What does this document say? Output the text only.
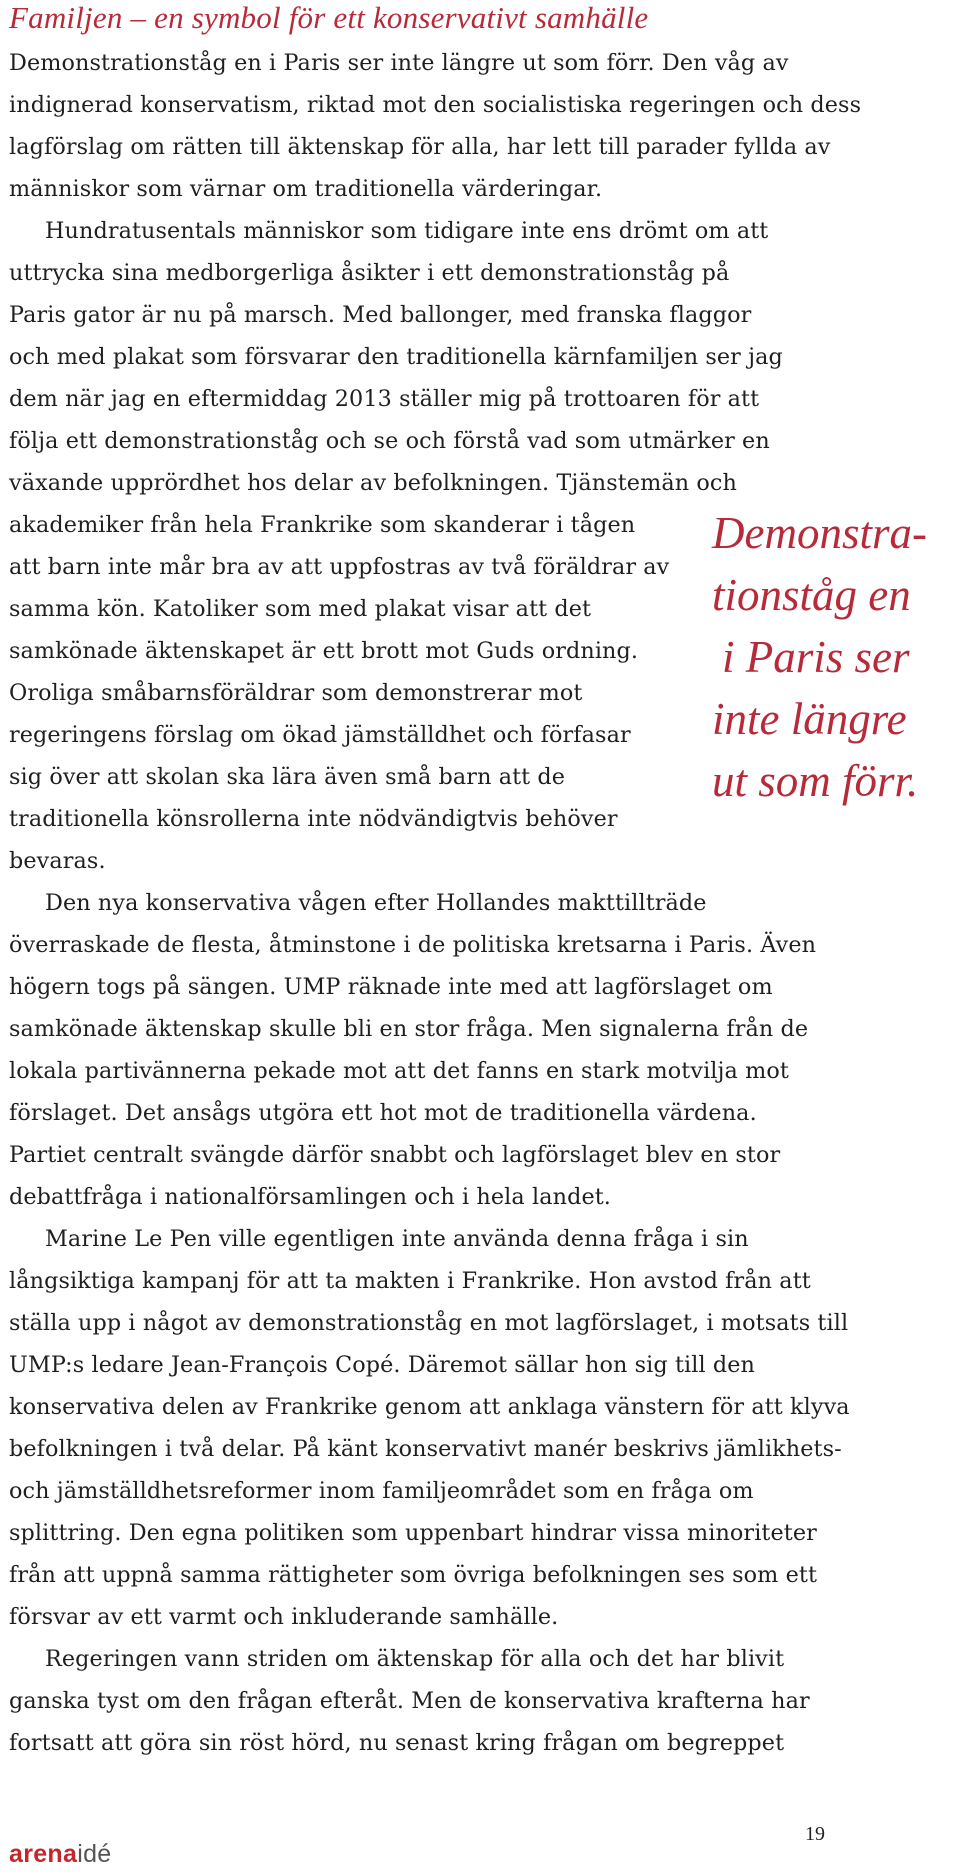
Familjen – en symbol för ett konservativt samhälle

Demonstrationståg en i Paris ser inte längre ut som förr. Den våg av indignerad konservatism, riktad mot den socialistiska regeringen och dess lagförslag om rätten till äktenskap för alla, har lett till parader fyllda av människor som värnar om traditionella värderingar.

Hundratusentals människor som tidigare inte ens drömt om att uttrycka sina medborgerliga åsikter i ett demonstrationståg på Paris gator är nu på marsch. Med ballonger, med franska flaggor och med plakat som försvarar den traditionella kärnfamiljen ser jag dem när jag en eftermiddag 2013 ställer mig på trottoaren för att följa ett demonstrationståg och se och förstå vad som utmärker en växande upprördhet hos delar av befolkningen. Tjänstemän och

akademiker från hela Frankrike som skanderar i tågen

att barn inte mår bra av att uppfostras av två föräldrar av

samma kön. Katoliker som med plakat visar att det

samkönade äktenskapet är ett brott mot Guds ordning.

Oroliga småbarnsföräldrar som demonstrerar mot

regeringens förslag om ökad jämställdhet och förfasar

sig över att skolan ska lära även små barn att de

traditionella könsrollerna inte nödvändigtvis behöver

bevaras.

Den nya konservativa vågen efter Hollandes makttillträde överraskade de flesta, åtminstone i de politiska kretsarna i Paris. Även högern togs på sängen. UMP räknade inte med att lagförslaget om samkönade äktenskap skulle bli en stor fråga. Men signalerna från de lokala partivännerna pekade mot att det fanns en stark motvilja mot förslaget. Det ansågs utgöra ett hot mot de traditionella värdena. Partiet centralt svängde därför snabbt och lagförslaget blev en stor debattfråga i nationalförsamlingen och i hela landet.

Marine Le Pen ville egentligen inte använda denna fråga i sin långsiktiga kampanj för att ta makten i Frankrike. Hon avstod från att ställa upp i något av demonstrationståg en mot lagförslaget, i motsats till UMP:s ledare Jean-François Copé. Däremot sällar hon sig till den konservativa delen av Frankrike genom att anklaga vänstern för att klyva befolkningen i två delar. På känt konservativt manér beskrivs jämlikhets- och jämställdhetsreformer inom familjeområdet som en fråga om splittring. Den egna politiken som uppenbart hindrar vissa minoriteter från att uppnå samma rättigheter som övriga befolkningen ses som ett försvar av ett varmt och inkluderande samhälle.

Regeringen vann striden om äktenskap för alla och det har blivit ganska tyst om den frågan efteråt. Men de konservativa krafterna har fortsatt att göra sin röst hörd, nu senast kring frågan om begreppet

Demonstra-
tionståg en
i Paris ser
inte längre
ut som förr.
arenaidé
19
